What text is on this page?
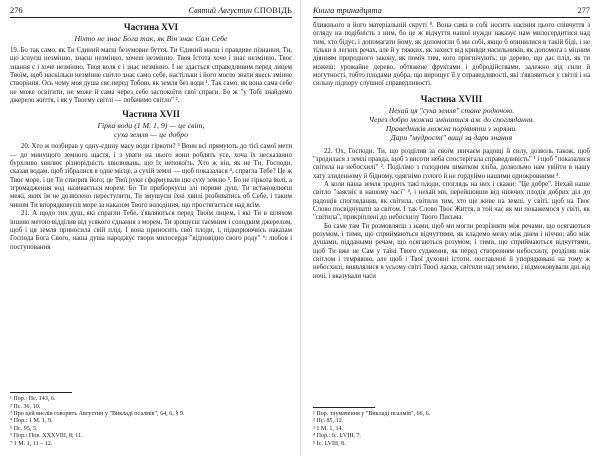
276	Святий Августин СПОВІДЬ
Частина XVI
Ніхто не знає Бога так, як Він знає Сам Себе

19. Бо так само, як Ти Єдиний маєш безумовне буття, Ти Єдиний маєш і правдиве пізнання, Ти, що існуєш незмінно, знаєш незмінно, хочеш незмінно. Твоя Істота хоче і знає незмінно, Твоє знання є і хоче незмінно, Твоя воля є і знає незмінно. І не здається справедливим перед лицем Твоїм, щоб наскільки незмінне світло знає само себе, настільки і його могло знати якесь змінне створіння. Ось чому моя душа сяє перед Тобою, як земля без води ¹. Так само, як вона сама себе не може освітити, не може й сама через себе заспокоїти свої спраги. Бо ж "у Тобі знайдемо джерело життя, і як у Твоєму світлі — побачимо світло" ².

Частина XVII
Гірка вода (1 М. 1, 9) — це світ,
суха земля — це добро

20. Хто ж позбирав у одну-єдину масу води гіркоти? ³ Вони всі прямують до тієї самої мети — до минущого земного щастя, і з уваги на нього вони роблять усе, хоча їх несказанно бурхливо хвилює різнорідність хвилювань, що їх непокоїть. Хто ж він, як не Ти, Господи, сказав водам, щоб зібралися в одне місце, а сухій землі — щоб показалася ⁴, спрагла Тебе? Це ж Твоє море, і це Ти створив його; це Твої руки сформували цю суху землю ⁵. Бо не гіркота волі, а згромадження вод називається морем. Бо Ти приборкуєш злі пориви душ, Ти встановлюєш межі, яких їм не дозволено переступити, Ти змушуєш їхні хвилі розбиватись об Себе, і таким чином Ти впорядковуєш море за наказом Твого володіння, що простягається над всім.

21. А щодо тих душ, які спрагли Тебе, з'являються перед Твоїм лицем, і які Ти в шляхом іншою метою відділив від усякого єднання з морем, Ти зрошуєш таємним і солодким джерелом, щоб і ця земля приносила свій плід. І вона приносить свої плоди, і, підкорюючись наказам Господа Бога Свого, наша душа народжує твори милосердя "відповідно свого роду" ⁶: любов і поступовання

¹ Пор.: Пс. 143, 6.
² Пс. 36, 10.
³ Про цей вислів говорить Августин у "Викладі псалмів", 64, 6, § 9.
⁴ Пор.: 1 М. 1, 9.
⁵ Пс. 95, 5.
⁶ Пор.: Пов. XXXVIII, 8; 11.
⁷ 1 М. 1, 11 – 12.
Книга тринадцята	277

ближнього в його матеріальній скруті ⁸. Вона сама в собі носить насіння цього співчуття з огляду на подібність з ним, бо це ж відчуття нашої нужди наказує нам милосердитися над тим, хто бідує, і допомагати йому, як допомогли б ми собі, якщо б опинилися в такій біді, і не тільки в легких речах, але й у тяжких, як захист від кривди насильників, як допомога з міцним діянням природного закону, як поміч тим, кого пригнічують; це дерево, що дає плід, як ти можеш: урожайне дерево, обтяжене фруктами і добродійствами, залежно від сили й могутності, тобто плодами добра, що вирощує її у справедливості, які з'являються у світлі і на сильну підпору слушної справедливості.

Частина XVIII
Нехай ця "суха земля" стане родючою.
Через добро можна змінитися аж до споглядання.
Праведників можна порівняти з зорями.
Дари "мудрості" вищі за дари знання

22. Ох, Господи, Ти, що розділив за своїм звичаєм радощі й силу, дозволь також, щоб "зродилася з землі правда, щоб з висоти неба спостерігала справедливість" ¹ і щоб "показалися світила на небосхилі" ². Поділімо з голодним шматком хліба, дозвольмо нам увійти в нашу хату злиденному й бідному, одягнімо голого й не гордуймо нашими однокровними ³.

А коли наша земля зродить такі плоди, споглядь на них і скажи: "Це добре". Нехай наше світло "заясніє в нашому часі" ⁴, і нехай ми, перейшовши від нижчих плодів добрих діл до радощів споглядання, як світила, світили тим, хто ще живе на землі, у світі, щоб на Твоє Слово посвідчувати за світом. І так Слово Твоє Життя, в той час як ми покажемося у світі, як "світила", прикріплені до небосхилу Твого Письма.

Бо саме там Ти розмовляєш з нами, щоб ми могли розрізняти між речами, що осягаються розумом, і тими, що сприймаються відчуттями, як кладемо межу між днем і ніччю; або між душами, віддаными речам, що осягаються розумом, і тими, що сприймаються відчуттями, щоб Ти вже не Сам у таїні Твого судження, як перед створенням небосхилу, розділяв між світлом і темрявою, але щоб і Твої духовні істоти, поставлені й упорядковані на тому ж небосхилі, виявлялися в усьому світі Твоєї ласки, світили над землею, і відмежовували дні від ночі, і вказували часи

¹ Пор. тлумачення у "Викладі псалмів", 66, 6.
² Пс. 85, 12.
³ 1 М. 1, 14.
⁴ Пор.: Іс. LVIII, 7.
⁵ Іс. LVIII, 8.
